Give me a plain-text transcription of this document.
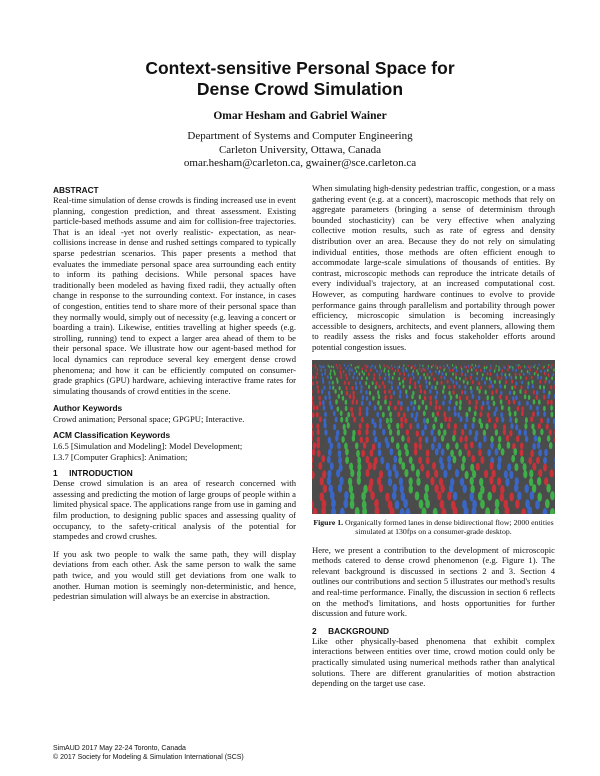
Context-sensitive Personal Space for
Dense Crowd Simulation
Omar Hesham and Gabriel Wainer
Department of Systems and Computer Engineering
Carleton University, Ottawa, Canada
omar.hesham@carleton.ca, gwainer@sce.carleton.ca
ABSTRACT

Real-time simulation of dense crowds is finding increased use in event planning, congestion prediction, and threat assessment. Existing particle-based methods assume and aim for collision-free trajectories. That is an ideal -yet not overly realistic- expectation, as near-collisions increase in dense and rushed settings compared to typically sparse pedestrian scenarios. This paper presents a method that evaluates the immediate personal space area surrounding each entity to inform its pathing decisions. While personal spaces have traditionally been modeled as having fixed radii, they actually often change in response to the surrounding context. For instance, in cases of congestion, entities tend to share more of their personal space than they normally would, simply out of necessity (e.g. leaving a concert or boarding a train). Likewise, entities travelling at higher speeds (e.g. strolling, running) tend to expect a larger area ahead of them to be their personal space. We illustrate how our agent-based method for local dynamics can reproduce several key emergent dense crowd phenomena; and how it can be efficiently computed on consumer-grade graphics (GPU) hardware, achieving interactive frame rates for simulating thousands of crowd entities in the scene.

Author Keywords
Crowd animation; Personal space; GPGPU; Interactive.
ACM Classification Keywords
I.6.5 [Simulation and Modeling]: Model Development;
I.3.7 [Computer Graphics]: Animation;
1     INTRODUCTION

Dense crowd simulation is an area of research concerned with assessing and predicting the motion of large groups of people within a limited physical space. The applications range from use in gaming and film production, to designing public spaces and assessing quality of occupancy, to the safety-critical analysis of the potential for stampedes and crowd crushes.

If you ask two people to walk the same path, they will display deviations from each other. Ask the same person to walk the same path twice, and you would still get deviations from one walk to another. Human motion is seemingly non-deterministic, and hence, pedestrian simulation will always be an exercise in abstraction.

When simulating high-density pedestrian traffic, congestion, or a mass gathering event (e.g. at a concert), macroscopic methods that rely on aggregate parameters (bringing a sense of determinism through bounded stochasticity) can be very effective when analyzing collective motion results, such as rate of egress and density distribution over an area. Because they do not rely on simulating individual entities, those methods are often efficient enough to accommodate large-scale simulations of thousands of entities. By contrast, microscopic methods can reproduce the intricate details of every individual's trajectory, at an increased computational cost. However, as computing hardware continues to evolve to provide performance gains through parallelism and portability through power efficiency, microscopic simulation is becoming increasingly accessible to designers, architects, and event planners, allowing them to readily assess the risks and focus stakeholder efforts around potential congestion issues.

Figure 1. Organically formed lanes in dense bidirectional flow; 2000 entities simulated at 130fps on a consumer-grade desktop.

Here, we present a contribution to the development of microscopic methods catered to dense crowd phenomenon (e.g. Figure 1). The relevant background is discussed in sections 2 and 3. Section 4 outlines our contributions and section 5 illustrates our method's results and real-time performance. Finally, the discussion in section 6 reflects on the method's limitations, and hosts opportunities for further discussion and future work.

2     BACKGROUND

Like other physically-based phenomena that exhibit complex interactions between entities over time, crowd motion could only be practically simulated using numerical methods rather than analytical solutions. There are different granularities of motion abstraction depending on the target use case.

SimAUD 2017 May 22-24 Toronto, Canada
© 2017 Society for Modeling & Simulation International (SCS)
